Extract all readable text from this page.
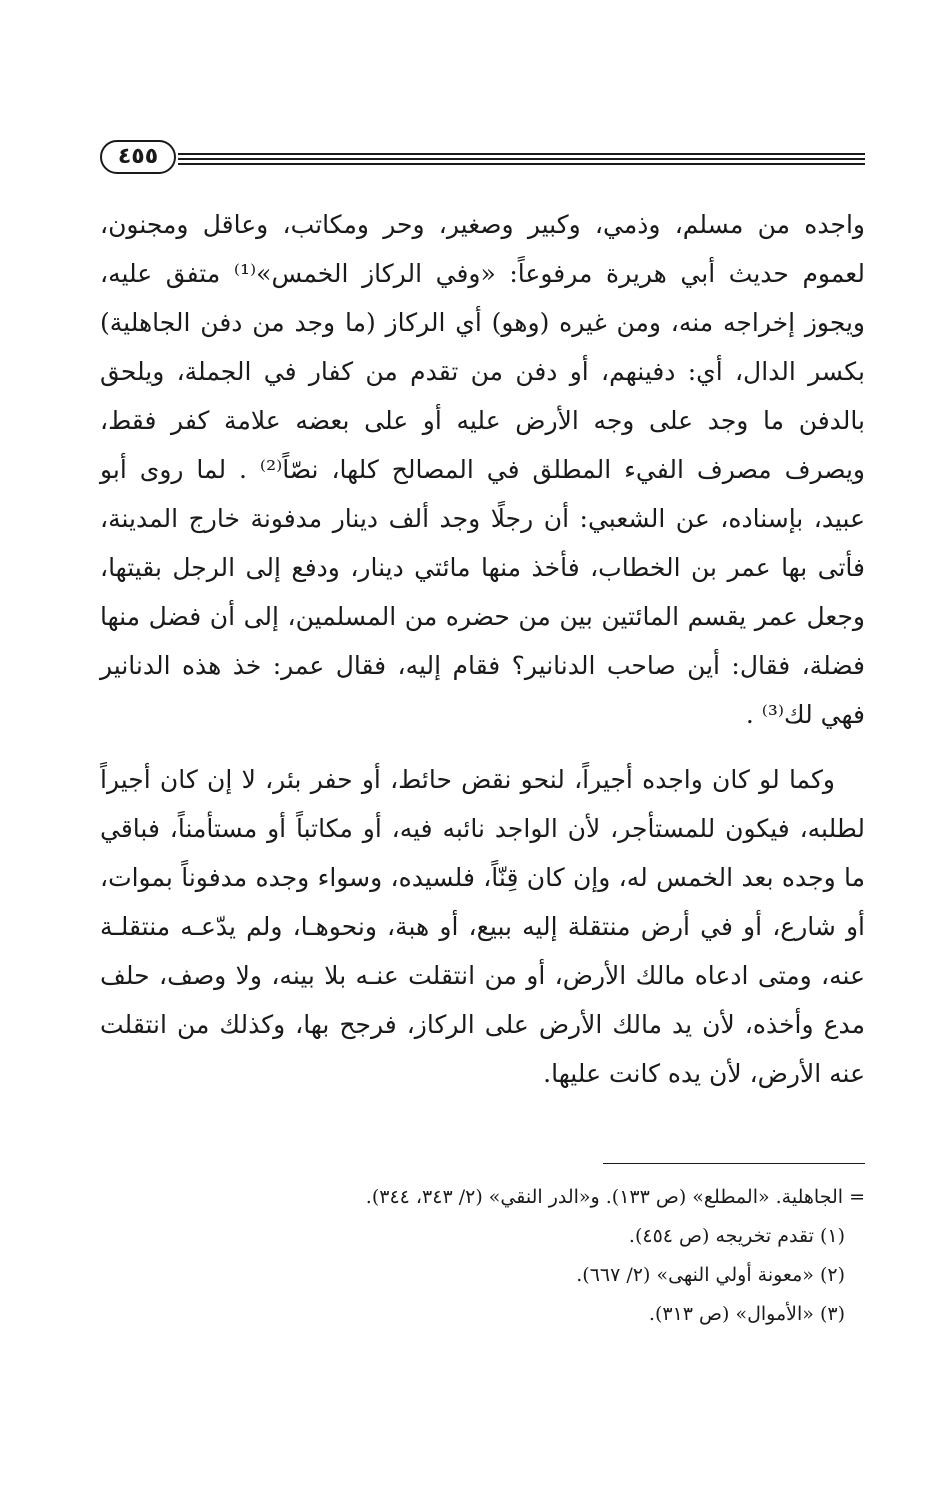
٤٥٥

واجده من مسلم، وذمي، وكبير وصغير، وحر ومكاتب، وعاقل ومجنون، لعموم حديث أبي هريرة مرفوعاً: «وفي الركاز الخمس»⁽¹⁾ متفق عليه، ويجوز إخراجه منه، ومن غيره (وهو) أي الركاز (ما وجد من دفن الجاهلية) بكسر الدال، أي: دفينهم، أو دفن من تقدم من كفار في الجملة، ويلحق بالدفن ما وجد على وجه الأرض عليه أو على بعضه علامة كفر فقط، ويصرف مصرف الفيء المطلق في المصالح كلها، نصّاً⁽²⁾ . لما روى أبو عبيد، بإسناده، عن الشعبي: أن رجلًا وجد ألف دينار مدفونة خارج المدينة، فأتى بها عمر بن الخطاب، فأخذ منها مائتي دينار، ودفع إلى الرجل بقيتها، وجعل عمر يقسم المائتين بين من حضره من المسلمين، إلى أن فضل منها فضلة، فقال: أين صاحب الدنانير؟ فقام إليه، فقال عمر: خذ هذه الدنانير فهي لك⁽³⁾ .

وكما لو كان واجده أجيراً، لنحو نقض حائط، أو حفر بئر، لا إن كان أجيراً لطلبه، فيكون للمستأجر، لأن الواجد نائبه فيه، أو مكاتباً أو مستأمناً، فباقي ما وجده بعد الخمس له، وإن كان قِنّاً، فلسيده، وسواء وجده مدفوناً بموات، أو شارع، أو في أرض منتقلة إليه ببيع، أو هبة، ونحوهـا، ولم يدّعـه منتقلـة عنه، ومتى ادعاه مالك الأرض، أو من انتقلت عنـه بلا بينه، ولا وصف، حلف مدع وأخذه، لأن يد مالك الأرض على الركاز، فرجح بها، وكذلك من انتقلت عنه الأرض، لأن يده كانت عليها.

= الجاهلية. «المطلع» (ص ١٣٣). و«الدر النقي» (٢/ ٣٤٣، ٣٤٤).

(١) تقدم تخريجه (ص ٤٥٤).

(٢) «معونة أولي النهى» (٢/ ٦٦٧).

(٣) «الأموال» (ص ٣١٣).
